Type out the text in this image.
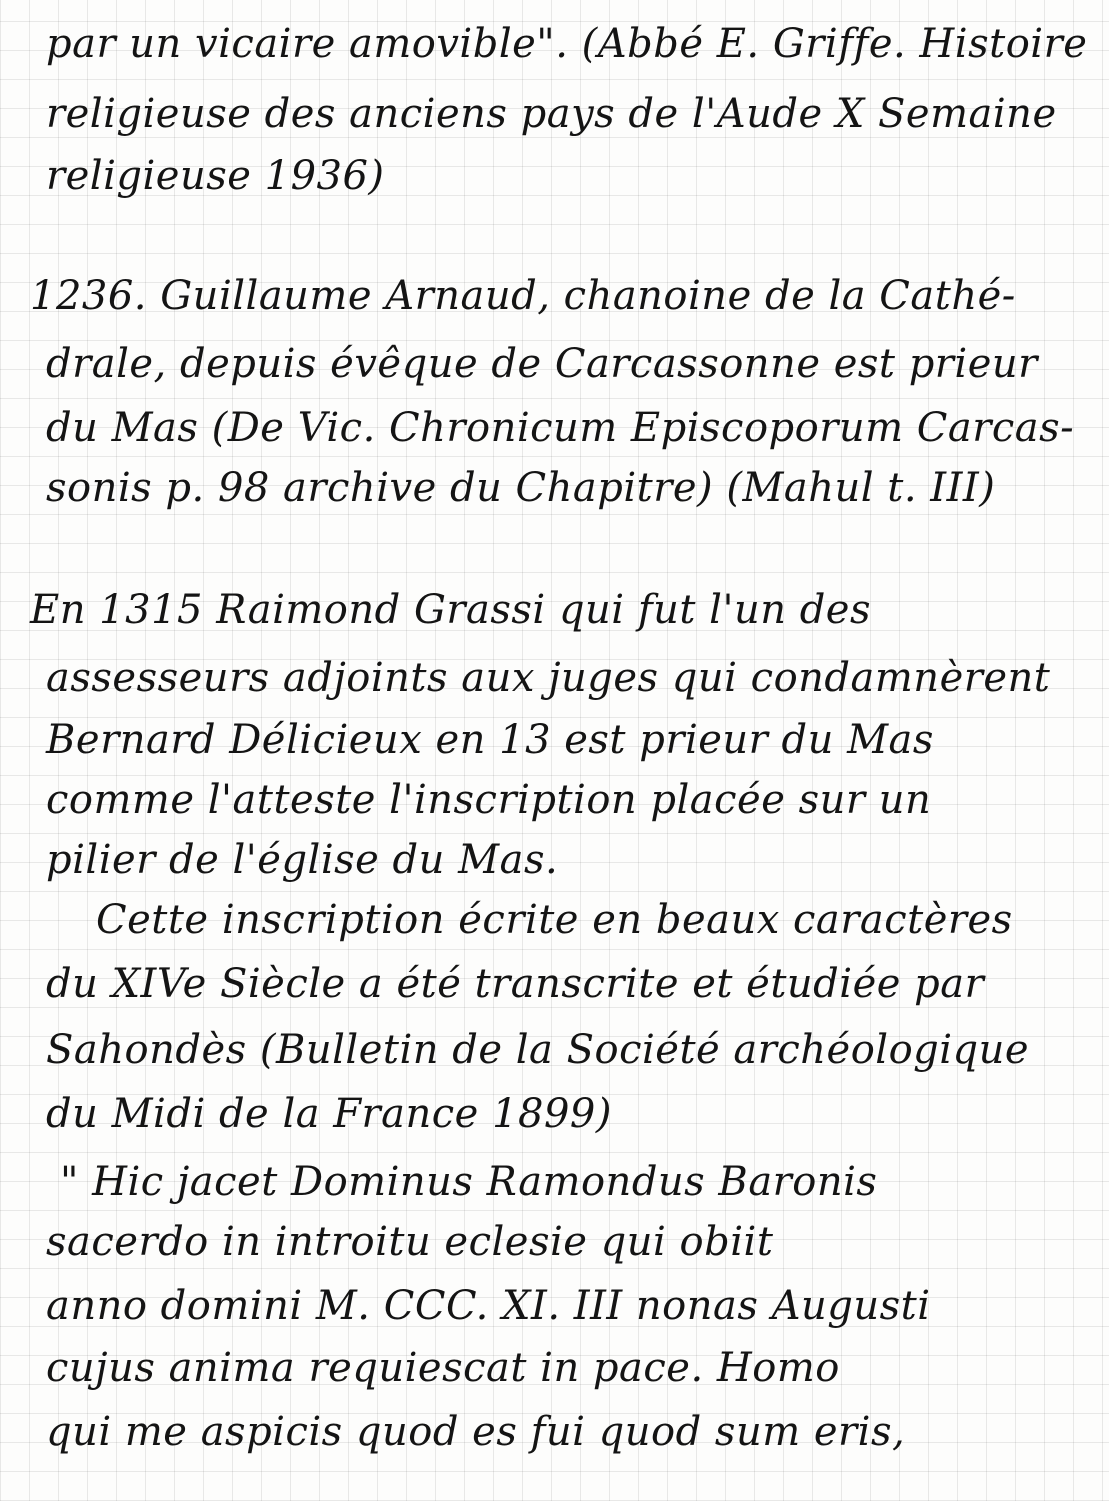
par un vicaire amovible". (Abbé E. Griffe. Histoire
religieuse des anciens pays de l'Aude X Semaine
religieuse 1936)
1236. Guillaume Arnaud, chanoine de la Cathé-
drale, depuis évêque de Carcassonne est prieur
du Mas (De Vic. Chronicum Episcoporum Carcas-
sonis p. 98 archive du Chapitre) (Mahul t. III)
En 1315 Raimond Grassi qui fut l'un des
assesseurs adjoints aux juges qui condamnèrent
Bernard Délicieux en 13 est prieur du Mas
comme l'atteste l'inscription placée sur un
pilier de l'église du Mas.
Cette inscription écrite en beaux caractères
du XIVe Siècle a été transcrite et étudiée par
Sahondès (Bulletin de la Société archéologique
du Midi de la France 1899)
" Hic jacet Dominus Ramondus Baronis
sacerdo in introitu eclesie qui obiit
anno domini M. CCC. XI. III nonas Augusti
cujus anima requiescat in pace. Homo
qui me aspicis quod es fui quod sum eris,
